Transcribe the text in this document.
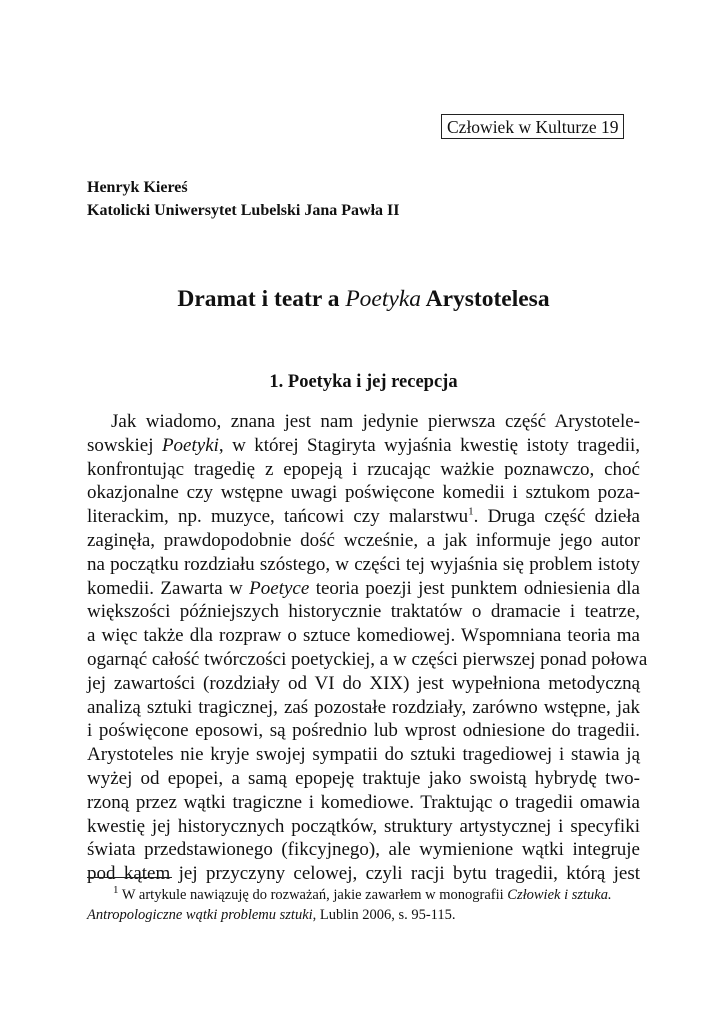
Człowiek w Kulturze 19
Henryk Kiereś
Katolicki Uniwersytet Lubelski Jana Pawła II
Dramat i teatr a Poetyka Arystotelesa
1. Poetyka i jej recepcja
Jak wiadomo, znana jest nam jedynie pierwsza część Arystotele-
sowskiej Poetyki, w której Stagiryta wyjaśnia kwestię istoty tragedii,
konfrontując tragedię z epopeją i rzucając ważkie poznawczo, choć
okazjonalne czy wstępne uwagi poświęcone komedii i sztukom poza-
literackim, np. muzyce, tańcowi czy malarstwu$^1$. Druga część dzieła
zaginęła, prawdopodobnie dość wcześnie, a jak informuje jego autor
na początku rozdziału szóstego, w części tej wyjaśnia się problem istoty
komedii. Zawarta w Poetyce teoria poezji jest punktem odniesienia dla
większości późniejszych historycznie traktatów o dramacie i teatrze,
a więc także dla rozpraw o sztuce komediowej. Wspomniana teoria ma
ogarnąć całość twórczości poetyckiej, a w części pierwszej ponad połowa
jej zawartości (rozdziały od VI do XIX) jest wypełniona metodyczną
analizą sztuki tragicznej, zaś pozostałe rozdziały, zarówno wstępne, jak
i poświęcone eposowi, są pośrednio lub wprost odniesione do tragedii.
Arystoteles nie kryje swojej sympatii do sztuki tragediowej i stawia ją
wyżej od epopei, a samą epopeję traktuje jako swoistą hybrydę two-
rzoną przez wątki tragiczne i komediowe. Traktując o tragedii omawia
kwestię jej historycznych początków, struktury artystycznej i specyfiki
świata przedstawionego (fikcyjnego), ale wymienione wątki integruje
pod kątem jej przyczyny celowej, czyli racji bytu tragedii, którą jest
$^1$ W artykule nawiązuję do rozważań, jakie zawarłem w monografii Człowiek i sztuka.
Antropologiczne wątki problemu sztuki, Lublin 2006, s. 95-115.
